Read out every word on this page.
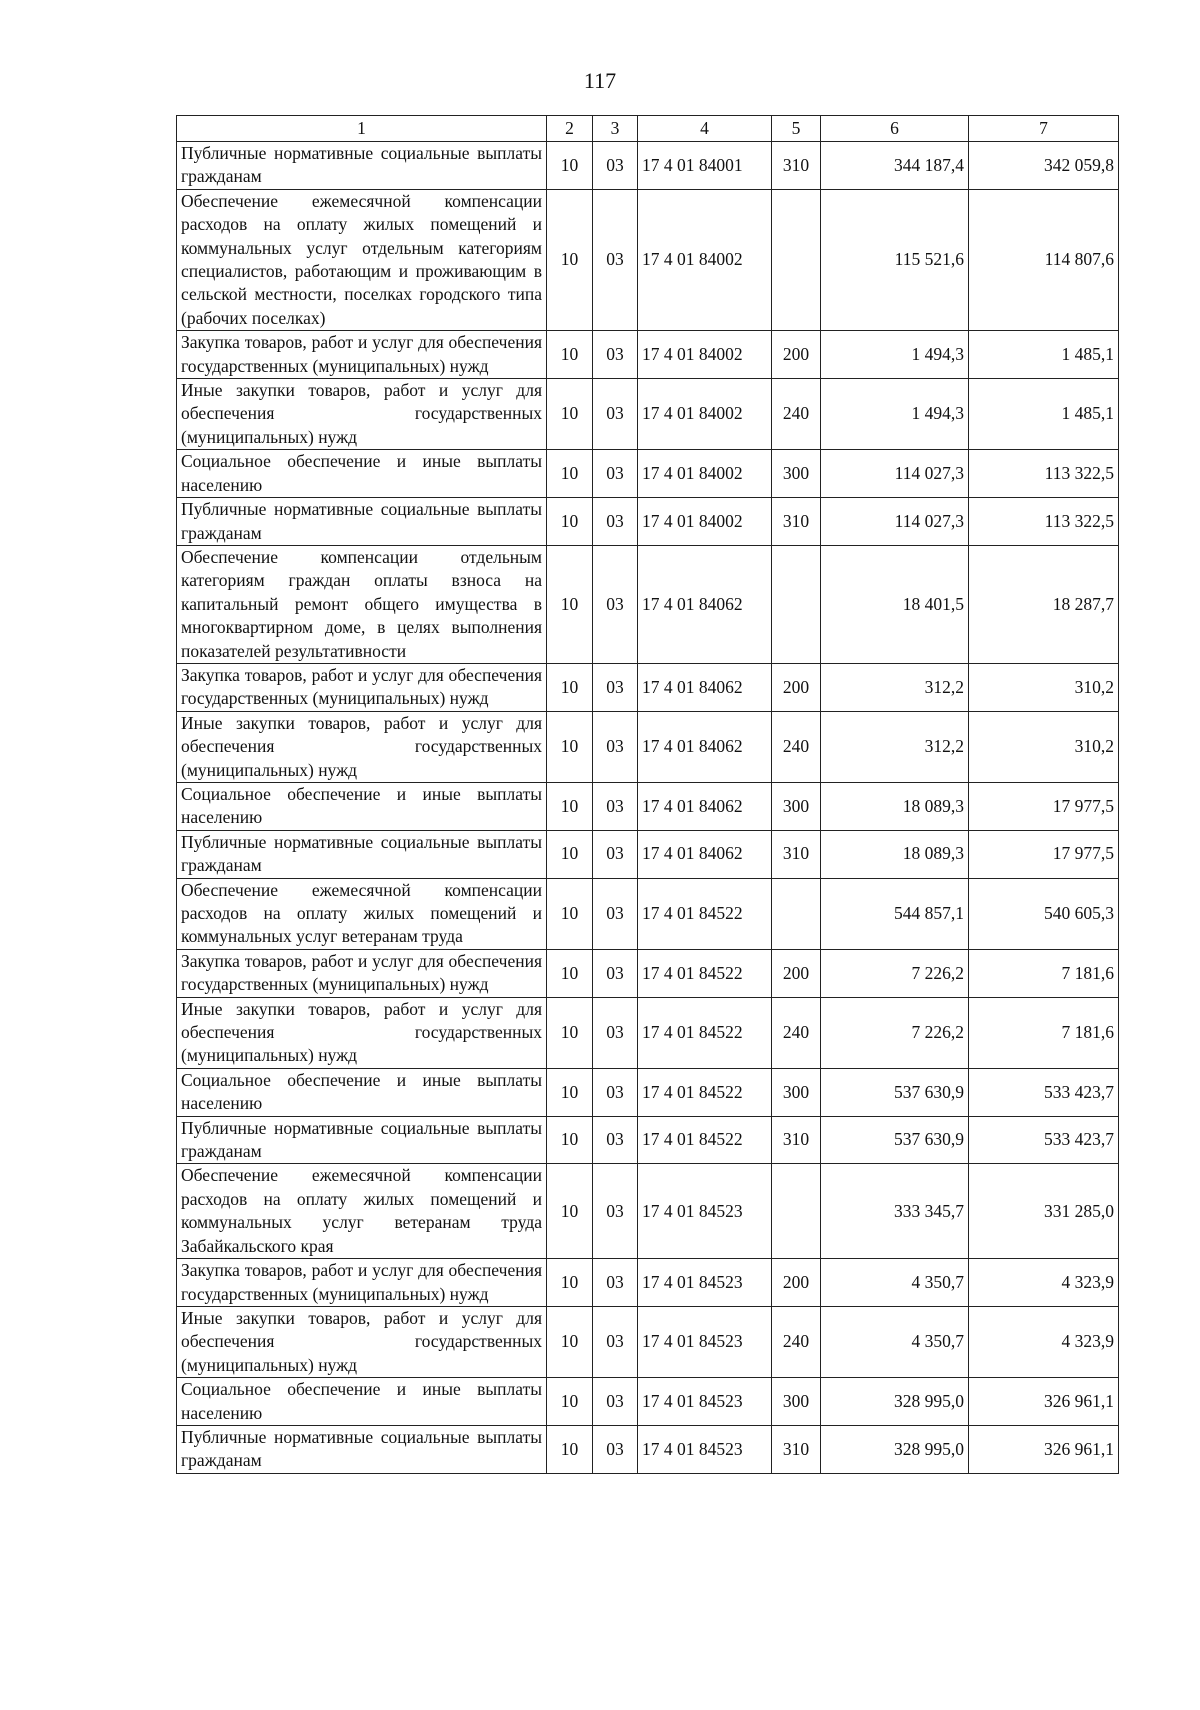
117
1	2	3	4	5	6	7
Публичные нормативные социальные выплаты гражданам	10	03	17 4 01 84001	310	344 187,4	342 059,8
Обеспечение ежемесячной компенсации расходов на оплату жилых помещений и коммунальных услуг отдельным категориям специалистов, работающим и проживающим в сельской местности, поселках городского типа (рабочих поселках)	10	03	17 4 01 84002		115 521,6	114 807,6
Закупка товаров, работ и услуг для обеспечения государственных (муниципальных) нужд	10	03	17 4 01 84002	200	1 494,3	1 485,1
Иные закупки товаров, работ и услуг для обеспечения государственных (муниципальных) нужд	10	03	17 4 01 84002	240	1 494,3	1 485,1
Социальное обеспечение и иные выплаты населению	10	03	17 4 01 84002	300	114 027,3	113 322,5
Публичные нормативные социальные выплаты гражданам	10	03	17 4 01 84002	310	114 027,3	113 322,5
Обеспечение компенсации отдельным категориям граждан оплаты взноса на капитальный ремонт общего имущества в многоквартирном доме, в целях выполнения показателей результативности	10	03	17 4 01 84062		18 401,5	18 287,7
Закупка товаров, работ и услуг для обеспечения государственных (муниципальных) нужд	10	03	17 4 01 84062	200	312,2	310,2
Иные закупки товаров, работ и услуг для обеспечения государственных (муниципальных) нужд	10	03	17 4 01 84062	240	312,2	310,2
Социальное обеспечение и иные выплаты населению	10	03	17 4 01 84062	300	18 089,3	17 977,5
Публичные нормативные социальные выплаты гражданам	10	03	17 4 01 84062	310	18 089,3	17 977,5
Обеспечение ежемесячной компенсации расходов на оплату жилых помещений и коммунальных услуг ветеранам труда	10	03	17 4 01 84522		544 857,1	540 605,3
Закупка товаров, работ и услуг для обеспечения государственных (муниципальных) нужд	10	03	17 4 01 84522	200	7 226,2	7 181,6
Иные закупки товаров, работ и услуг для обеспечения государственных (муниципальных) нужд	10	03	17 4 01 84522	240	7 226,2	7 181,6
Социальное обеспечение и иные выплаты населению	10	03	17 4 01 84522	300	537 630,9	533 423,7
Публичные нормативные социальные выплаты гражданам	10	03	17 4 01 84522	310	537 630,9	533 423,7
Обеспечение ежемесячной компенсации расходов на оплату жилых помещений и коммунальных услуг ветеранам труда Забайкальского края	10	03	17 4 01 84523		333 345,7	331 285,0
Закупка товаров, работ и услуг для обеспечения государственных (муниципальных) нужд	10	03	17 4 01 84523	200	4 350,7	4 323,9
Иные закупки товаров, работ и услуг для обеспечения государственных (муниципальных) нужд	10	03	17 4 01 84523	240	4 350,7	4 323,9
Социальное обеспечение и иные выплаты населению	10	03	17 4 01 84523	300	328 995,0	326 961,1
Публичные нормативные социальные выплаты гражданам	10	03	17 4 01 84523	310	328 995,0	326 961,1
